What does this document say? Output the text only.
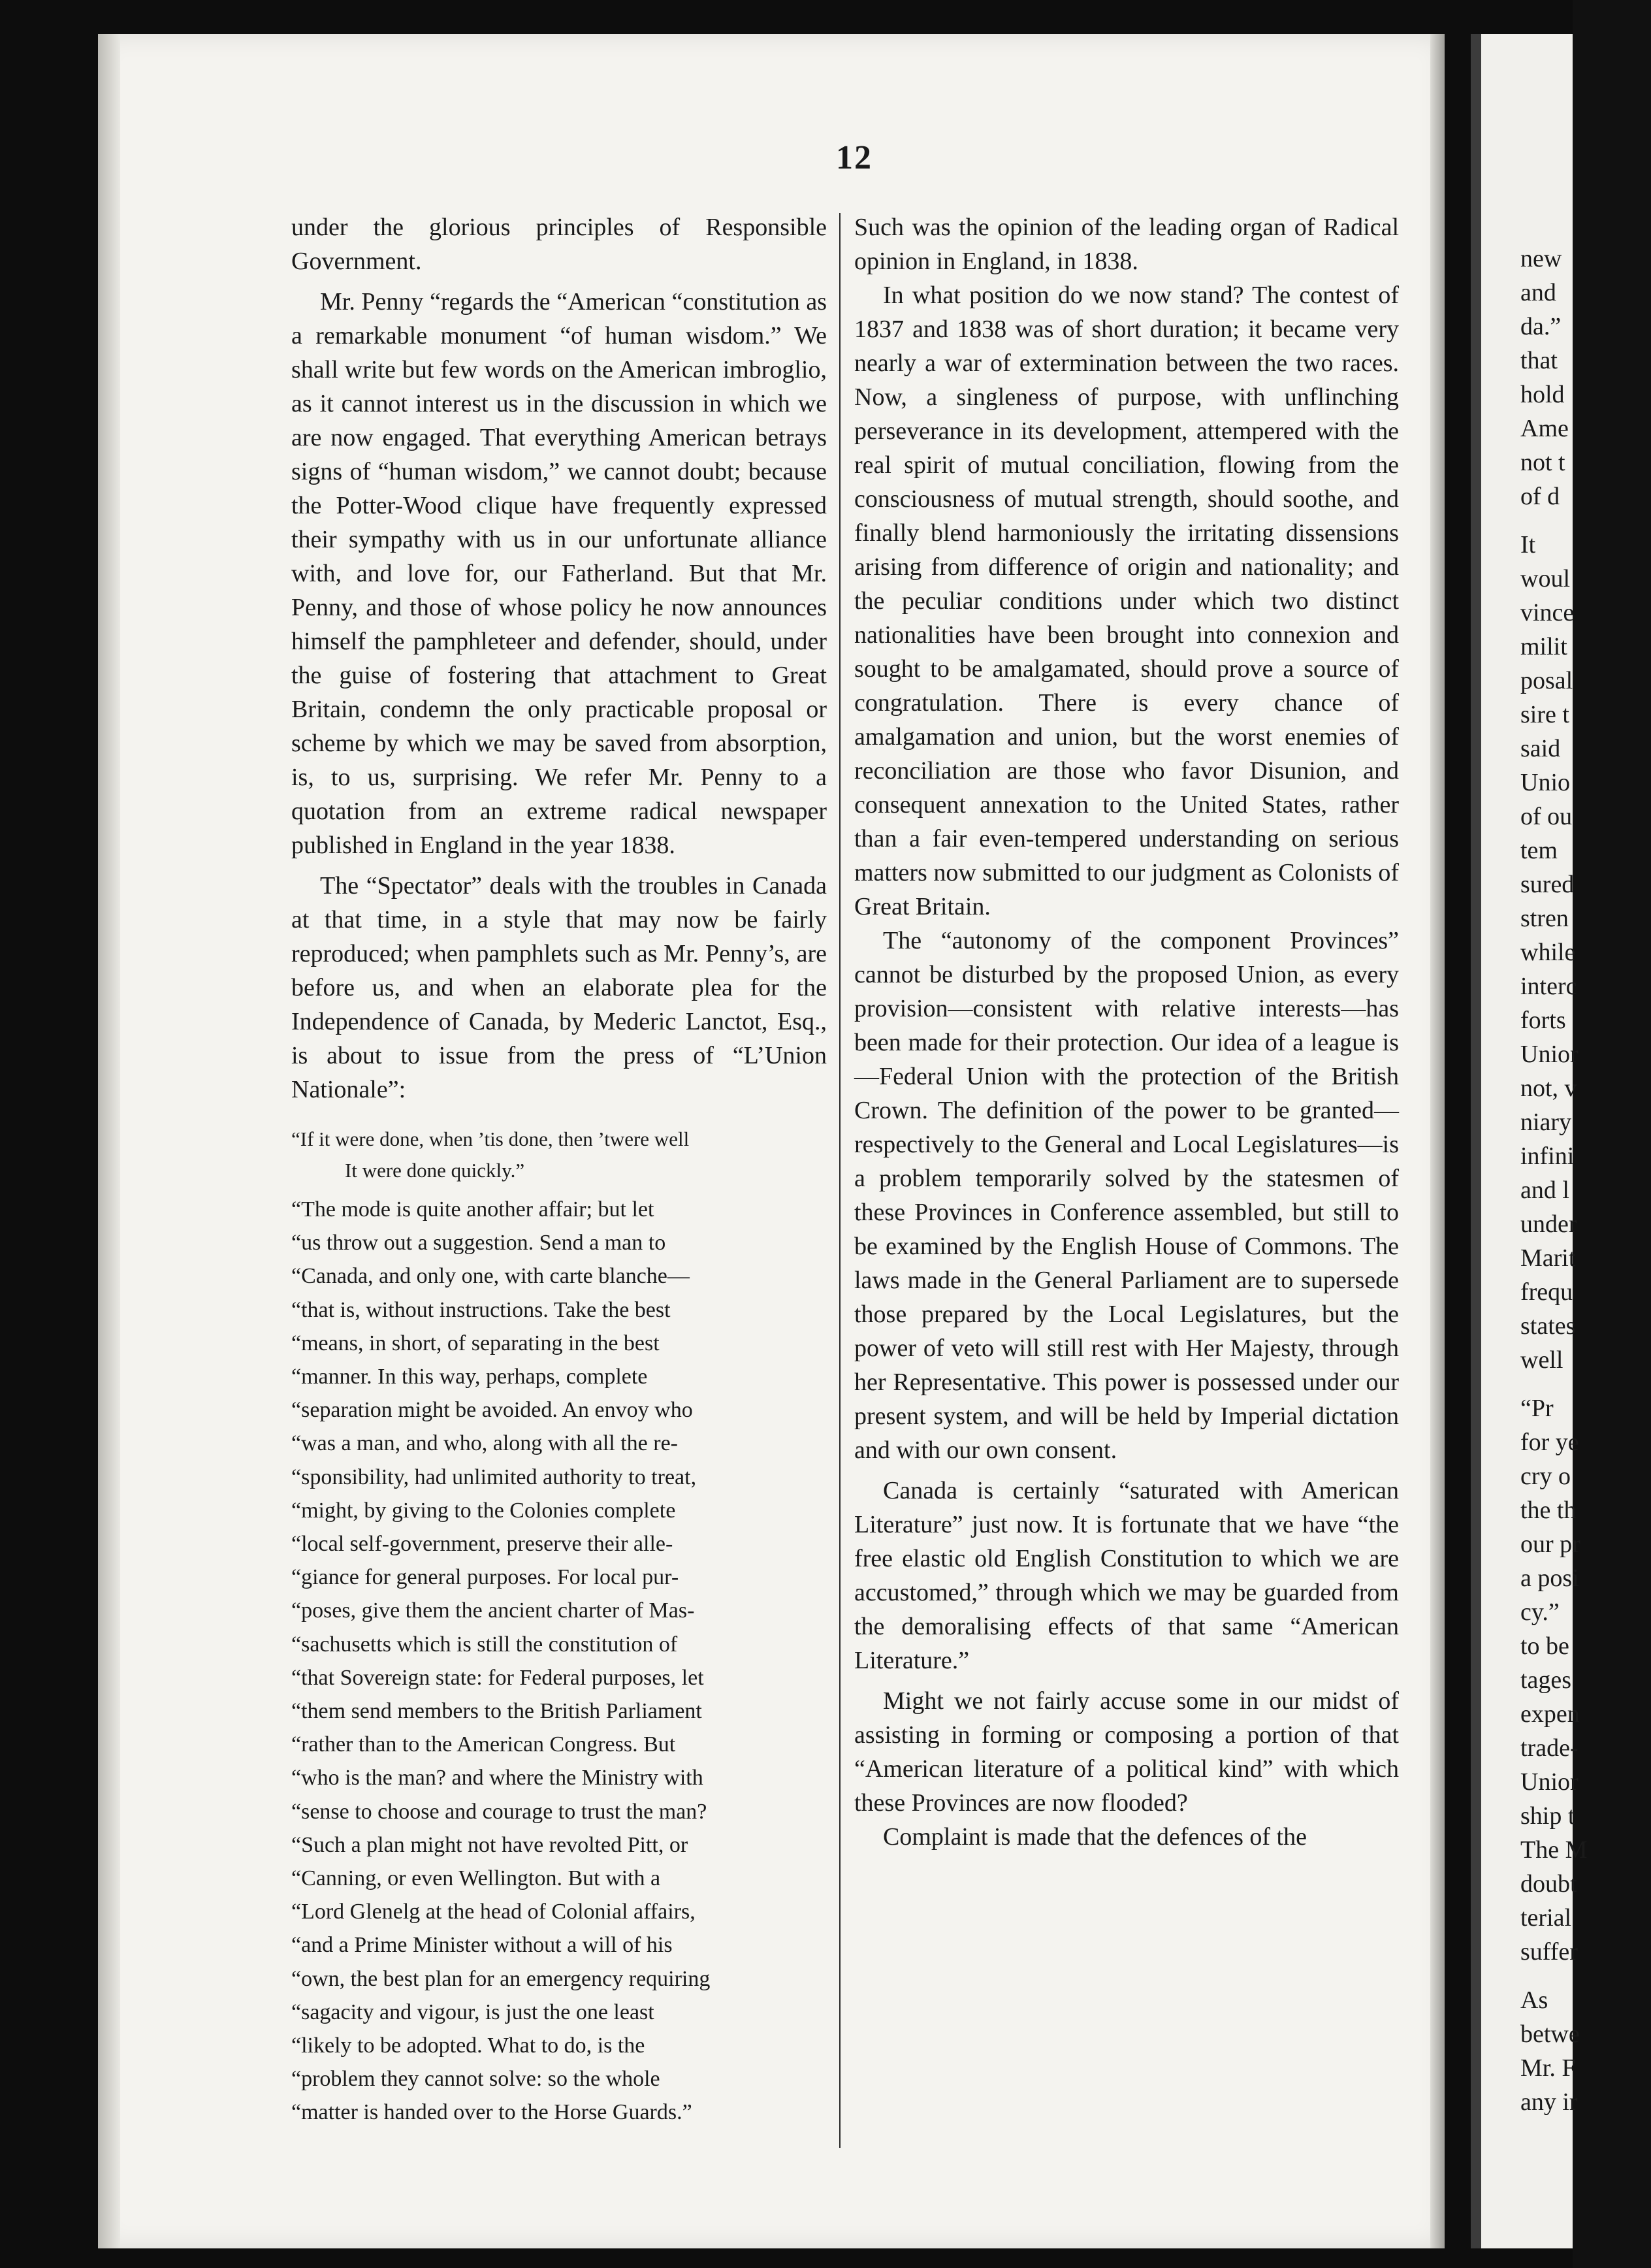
12

under the glorious principles of Responsible Government.

Mr. Penny “regards the “American “constitution as a remarkable monument “of human wisdom.” We shall write but few words on the American imbroglio, as it cannot interest us in the discussion in which we are now engaged. That everything American betrays signs of “human wisdom,” we cannot doubt; because the Potter-Wood clique have frequently expressed their sympathy with us in our unfortunate alliance with, and love for, our Fatherland. But that Mr. Penny, and those of whose policy he now announces himself the pamphleteer and defender, should, under the guise of fostering that attachment to Great Britain, condemn the only practicable proposal or scheme by which we may be saved from absorption, is, to us, surprising. We refer Mr. Penny to a quotation from an extreme radical newspaper published in England in the year 1838.

The “Spectator” deals with the troubles in Canada at that time, in a style that may now be fairly reproduced; when pamphlets such as Mr. Penny’s, are before us, and when an elaborate plea for the Independence of Canada, by Mederic Lanctot, Esq., is about to issue from the press of “L’Union Nationale”:

“If it were done, when ’tis done, then ’twere well
It were done quickly.”
“The mode is quite another affair; but let
“us throw out a suggestion. Send a man to
“Canada, and only one, with carte blanche—
“that is, without instructions. Take the best
“means, in short, of separating in the best
“manner. In this way, perhaps, complete
“separation might be avoided. An envoy who
“was a man, and who, along with all the re-
“sponsibility, had unlimited authority to treat,
“might, by giving to the Colonies complete
“local self-government, preserve their alle-
“giance for general purposes. For local pur-
“poses, give them the ancient charter of Mas-
“sachusetts which is still the constitution of
“that Sovereign state: for Federal purposes, let
“them send members to the British Parliament
“rather than to the American Congress. But
“who is the man? and where the Ministry with
“sense to choose and courage to trust the man?
“Such a plan might not have revolted Pitt, or
“Canning, or even Wellington. But with a
“Lord Glenelg at the head of Colonial affairs,
“and a Prime Minister without a will of his
“own, the best plan for an emergency requiring
“sagacity and vigour, is just the one least
“likely to be adopted. What to do, is the
“problem they cannot solve: so the whole
“matter is handed over to the Horse Guards.”

Such was the opinion of the leading organ of Radical opinion in England, in 1838.

In what position do we now stand? The contest of 1837 and 1838 was of short duration; it became very nearly a war of extermination between the two races. Now, a singleness of purpose, with unflinching perseverance in its development, attempered with the real spirit of mutual conciliation, flowing from the consciousness of mutual strength, should soothe, and finally blend harmoniously the irritating dissensions arising from difference of origin and nationality; and the peculiar conditions under which two distinct nationalities have been brought into connexion and sought to be amalgamated, should prove a source of congratulation. There is every chance of amalgamation and union, but the worst enemies of reconciliation are those who favor Disunion, and consequent annexation to the United States, rather than a fair even-tempered understanding on serious matters now submitted to our judgment as Colonists of Great Britain.

The “autonomy of the component Provinces” cannot be disturbed by the proposed Union, as every provision—consistent with relative interests—has been made for their protection. Our idea of a league is—Federal Union with the protection of the British Crown. The definition of the power to be granted—respectively to the General and Local Legislatures—is a problem temporarily solved by the statesmen of these Provinces in Conference assembled, but still to be examined by the English House of Commons. The laws made in the General Parliament are to supersede those prepared by the Local Legislatures, but the power of veto will still rest with Her Majesty, through her Representative. This power is possessed under our present system, and will be held by Imperial dictation and with our own consent.

Canada is certainly “saturated with American Literature” just now. It is fortunate that we have “the free elastic old English Constitution to which we are accustomed,” through which we may be guarded from the demoralising effects of that same “American Literature.”

Might we not fairly accuse some in our midst of assisting in forming or composing a portion of that “American literature of a political kind” with which these Provinces are now flooded?

Complaint is made that the defences of the

new
and
da.”
that
hold
Ame
not t
of d
It
woul
vince
milit
posal
sire t
said
Unio
of ou
tem
sured
stren
while
interc
forts
Unior
not, v
niary
infini
and l
under
Marit
frequ
states
well
“Pr
for ye
cry o
the th
our pr
a posi
cy.”
to be
tages
expen
trade-
Unior
ship t
The M
doubt
terial
suffer
As
betwe
Mr. F
any ir
